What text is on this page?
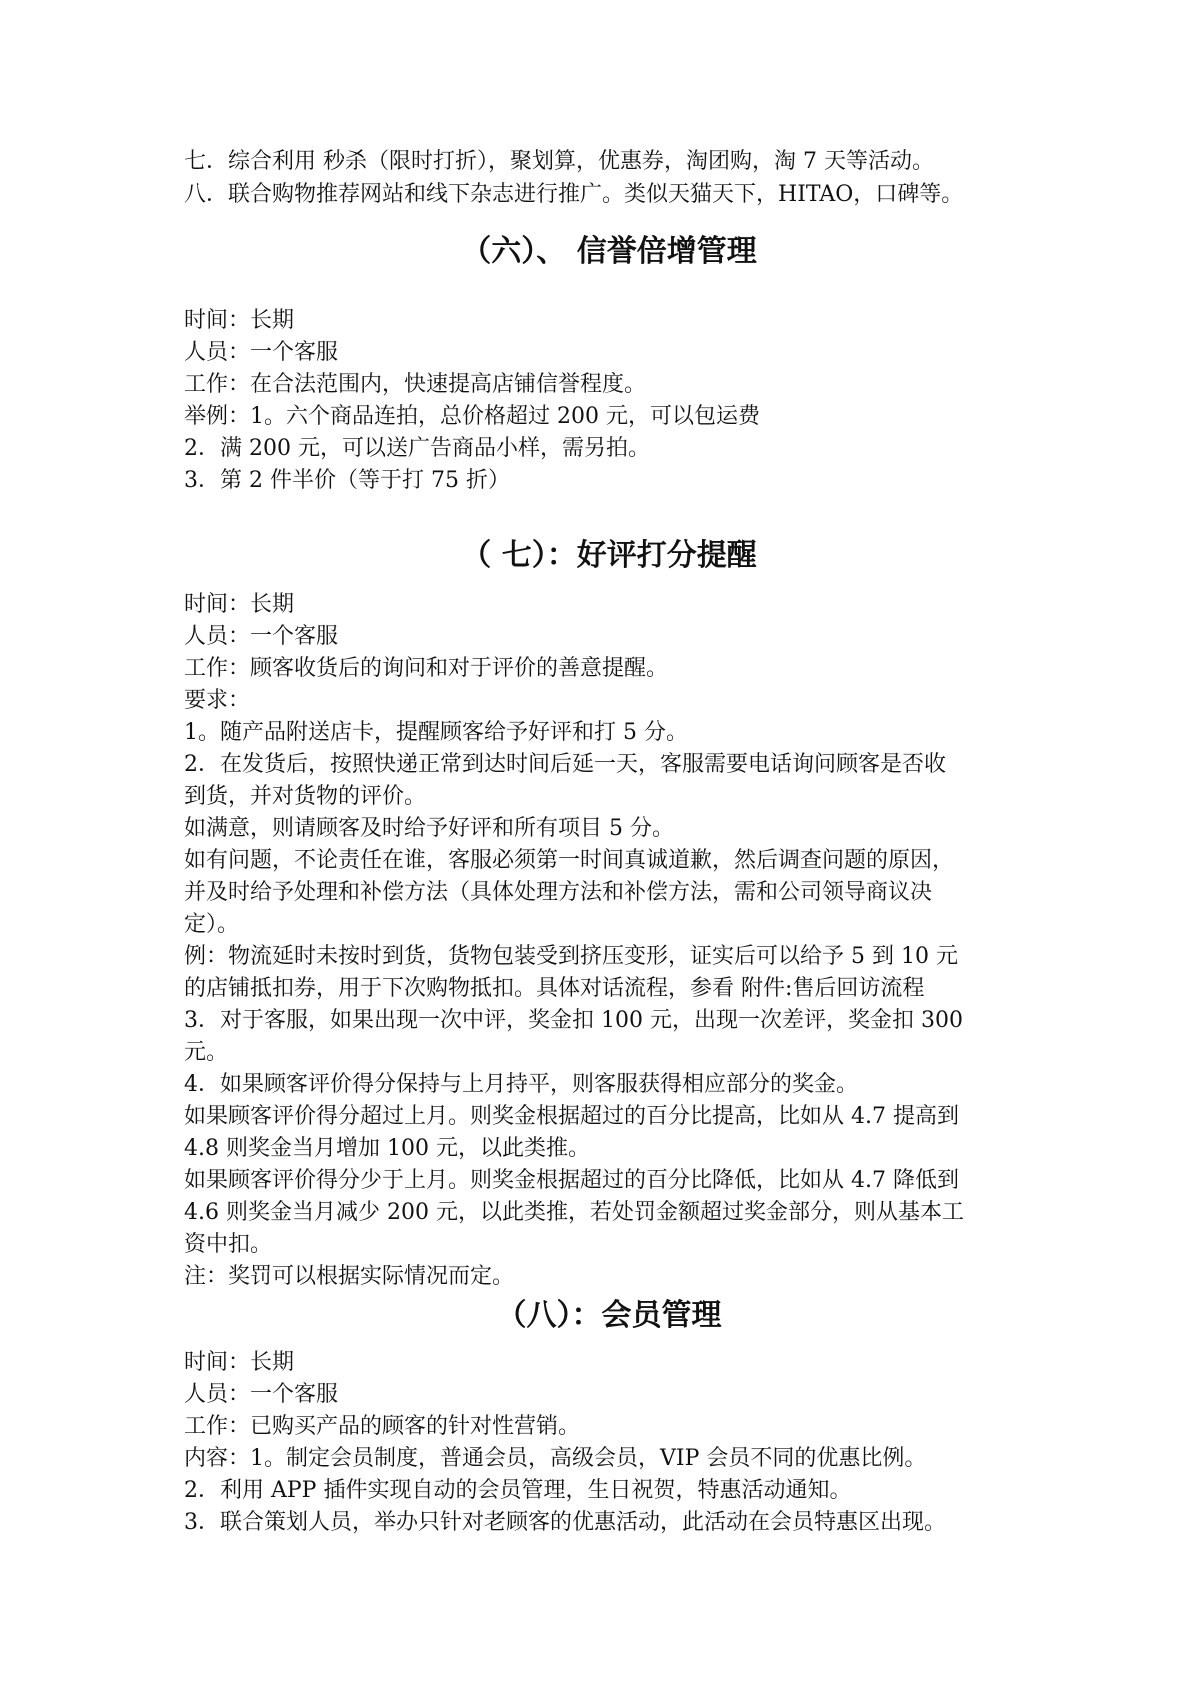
七．综合利用 秒杀（限时打折），聚划算，优惠券，淘团购，淘 7 天等活动。
八．联合购物推荐网站和线下杂志进行推广。类似天猫天下，HITAO，口碑等。
（六）、 信誉倍增管理
时间：长期
人员：一个客服
工作：在合法范围内，快速提高店铺信誉程度。
举例：1。六个商品连拍，总价格超过 200 元，可以包运费
2．满 200 元，可以送广告商品小样，需另拍。
3．第 2 件半价（等于打 75 折）
（ 七）：好评打分提醒
时间：长期
人员：一个客服
工作：顾客收货后的询问和对于评价的善意提醒。
要求：
1。随产品附送店卡，提醒顾客给予好评和打 5 分。
2．在发货后，按照快递正常到达时间后延一天，客服需要电话询问顾客是否收
到货，并对货物的评价。
如满意，则请顾客及时给予好评和所有项目 5 分。
如有问题，不论责任在谁，客服必须第一时间真诚道歉，然后调查问题的原因，
并及时给予处理和补偿方法（具体处理方法和补偿方法，需和公司领导商议决
定）。
例：物流延时未按时到货，货物包装受到挤压变形，证实后可以给予 5 到 10 元
的店铺抵扣券，用于下次购物抵扣。具体对话流程，参看 附件:售后回访流程
3．对于客服，如果出现一次中评，奖金扣 100 元，出现一次差评，奖金扣 300
元。
4．如果顾客评价得分保持与上月持平，则客服获得相应部分的奖金。
如果顾客评价得分超过上月。则奖金根据超过的百分比提高，比如从 4.7 提高到
4.8 则奖金当月增加 100 元，以此类推。
如果顾客评价得分少于上月。则奖金根据超过的百分比降低，比如从 4.7 降低到
4.6 则奖金当月减少 200 元，以此类推，若处罚金额超过奖金部分，则从基本工
资中扣。
注：奖罚可以根据实际情况而定。
（八）：会员管理
时间：长期
人员：一个客服
工作：已购买产品的顾客的针对性营销。
内容：1。制定会员制度，普通会员，高级会员，VIP 会员不同的优惠比例。
2．利用 APP 插件实现自动的会员管理，生日祝贺，特惠活动通知。
3．联合策划人员，举办只针对老顾客的优惠活动，此活动在会员特惠区出现。
